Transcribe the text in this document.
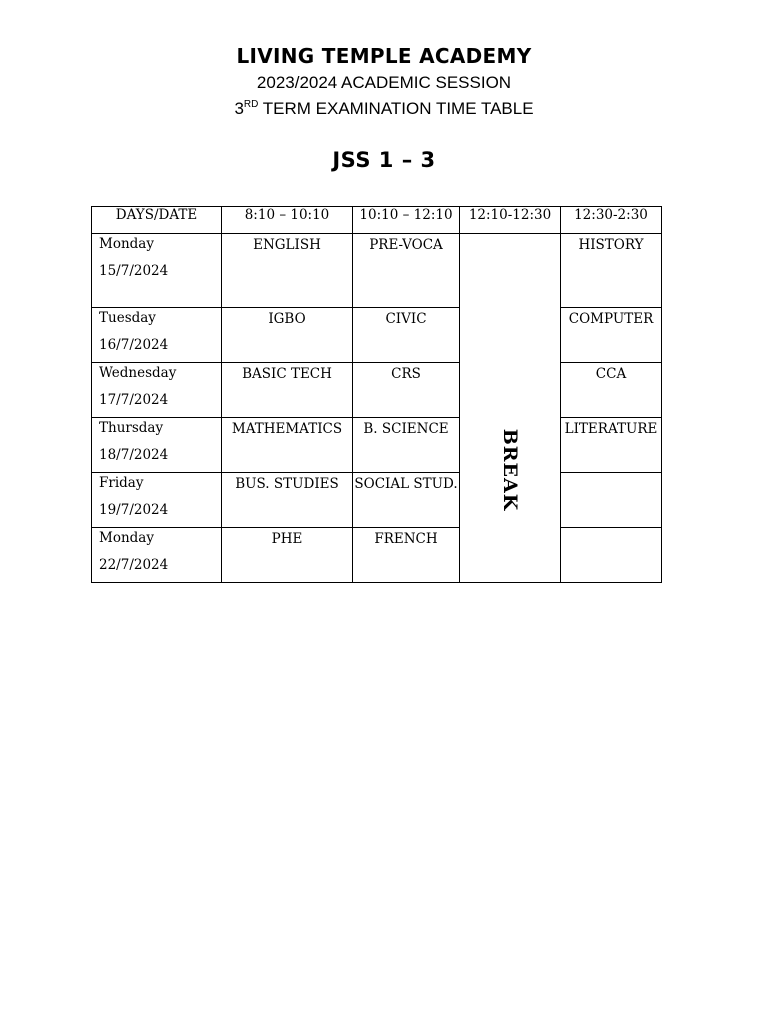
LIVING TEMPLE ACADEMY
2023/2024 ACADEMIC SESSION
3RD TERM EXAMINATION TIME TABLE
JSS 1 – 3
DAYS/DATE	8:10 – 10:10	10:10 – 12:10	12:10-12:30	12:30-2:30

Monday
15/7/2024	ENGLISH	PRE-VOCA	BREAK	HISTORY

Tuesday
16/7/2024	IGBO	CIVIC		COMPUTER

Wednesday
17/7/2024	BASIC TECH	CRS		CCA

Thursday
18/7/2024	MATHEMATICS	B. SCIENCE		LITERATURE

Friday
19/7/2024	BUS. STUDIES	SOCIAL STUD.		

Monday
22/7/2024	PHE	FRENCH		
